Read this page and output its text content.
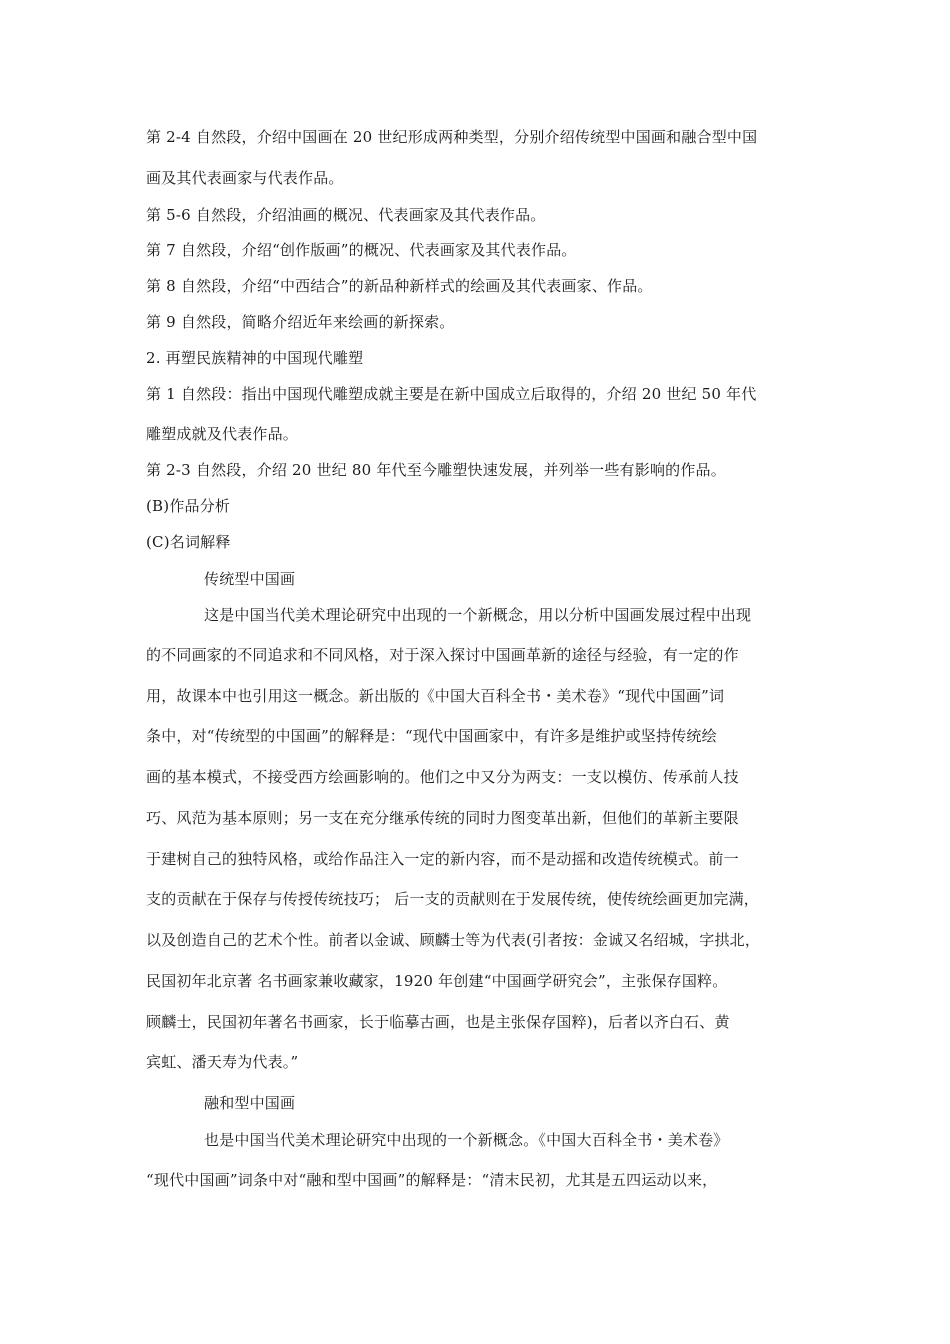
第 2-4 自然段，介绍中国画在 20 世纪形成两种类型，分别介绍传统型中国画和融合型中国
画及其代表画家与代表作品。
第 5-6 自然段，介绍油画的概况、代表画家及其代表作品。
第 7 自然段，介绍“创作版画”的概况、代表画家及其代表作品。
第 8 自然段，介绍“中西结合”的新品种新样式的绘画及其代表画家、作品。
第 9 自然段，简略介绍近年来绘画的新探索。
2. 再塑民族精神的中国现代雕塑
第 1 自然段：指出中国现代雕塑成就主要是在新中国成立后取得的，介绍 20 世纪 50 年代
雕塑成就及代表作品。
第 2-3 自然段，介绍 20 世纪 80 年代至今雕塑快速发展，并列举一些有影响的作品。
(B)作品分析
(C)名词解释
传统型中国画
这是中国当代美术理论研究中出现的一个新概念，用以分析中国画发展过程中出现
的不同画家的不同追求和不同风格，对于深入探讨中国画革新的途径与经验，有一定的作
用，故课本中也引用这一概念。新出版的《中国大百科全书・美术卷》“现代中国画”词
条中，对“传统型的中国画”的解释是：“现代中国画家中，有许多是维护或坚持传统绘
画的基本模式，不接受西方绘画影响的。他们之中又分为两支：一支以模仿、传承前人技
巧、风范为基本原则；另一支在充分继承传统的同时力图变革出新，但他们的革新主要限
于建树自己的独特风格，或给作品注入一定的新内容，而不是动摇和改造传统模式。前一
支的贡献在于保存与传授传统技巧； 后一支的贡献则在于发展传统，使传统绘画更加完满，
以及创造自己的艺术个性。前者以金诚、顾麟士等为代表(引者按：金诚又名绍城，字拱北，
民国初年北京著 名书画家兼收藏家，1920 年创建“中国画学研究会”，主张保存国粹。
顾麟士，民国初年著名书画家，长于临摹古画，也是主张保存国粹)，后者以齐白石、黄
宾虹、潘天寿为代表。”
融和型中国画
也是中国当代美术理论研究中出现的一个新概念。《中国大百科全书・美术卷》
“现代中国画”词条中对“融和型中国画”的解释是：“清末民初，尤其是五四运动以来，
